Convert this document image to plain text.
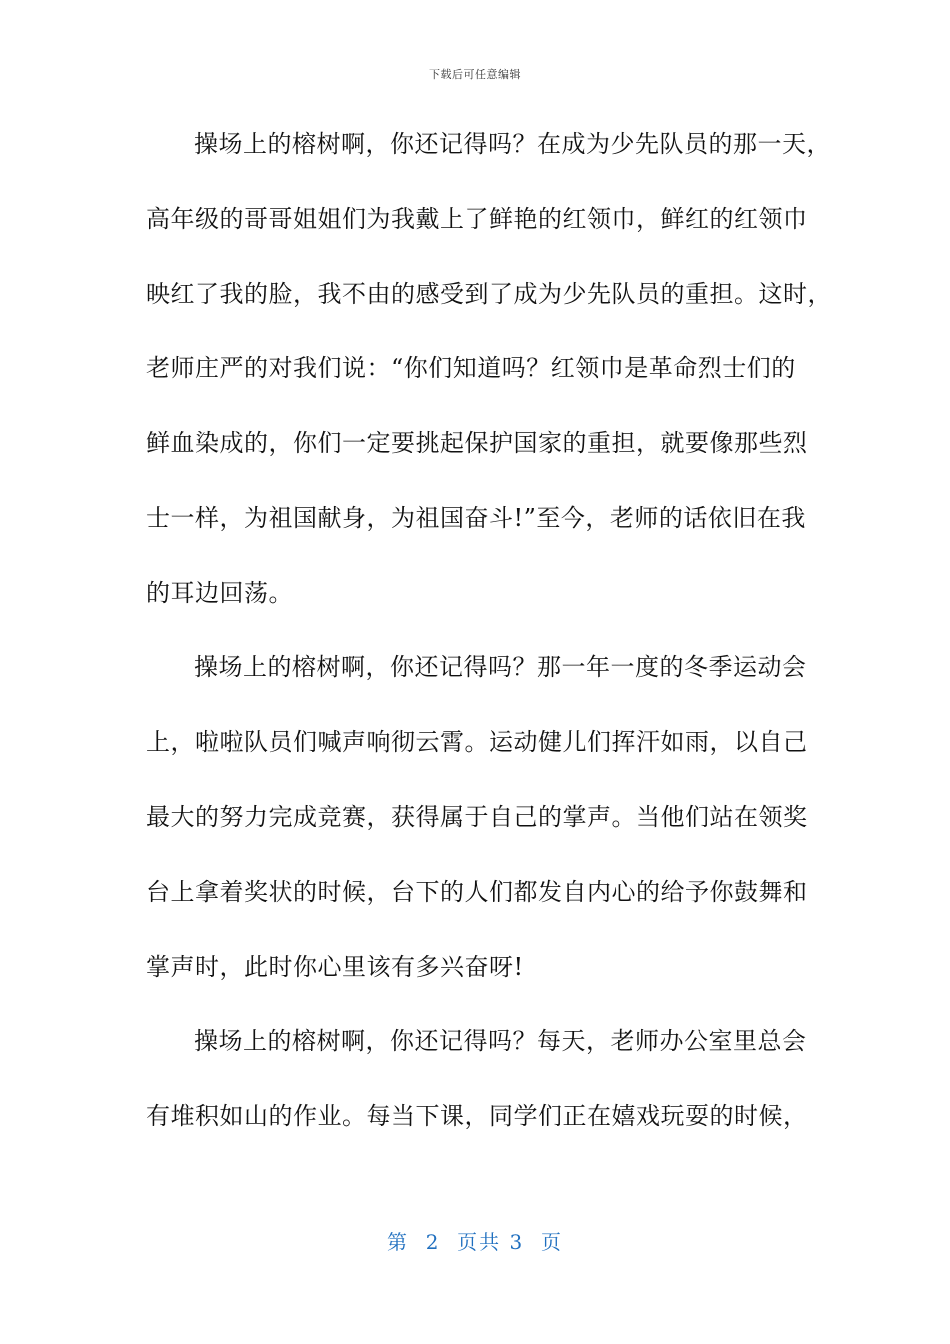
下载后可任意编辑

操场上的榕树啊，你还记得吗？在成为少先队员的那一天，
高年级的哥哥姐姐们为我戴上了鲜艳的红领巾，鲜红的红领巾
映红了我的脸，我不由的感受到了成为少先队员的重担。这时，
老师庄严的对我们说：“你们知道吗？红领巾是革命烈士们的
鲜血染成的，你们一定要挑起保护国家的重担，就要像那些烈
士一样，为祖国献身，为祖国奋斗!”至今，老师的话依旧在我
的耳边回荡。

操场上的榕树啊，你还记得吗？那一年一度的冬季运动会
上，啦啦队员们喊声响彻云霄。运动健儿们挥汗如雨，以自己
最大的努力完成竞赛，获得属于自己的掌声。当他们站在领奖
台上拿着奖状的时候，台下的人们都发自内心的给予你鼓舞和
掌声时，此时你心里该有多兴奋呀!

操场上的榕树啊，你还记得吗？每天，老师办公室里总会
有堆积如山的作业。每当下课，同学们正在嬉戏玩耍的时候，

第  2  页共 3  页
